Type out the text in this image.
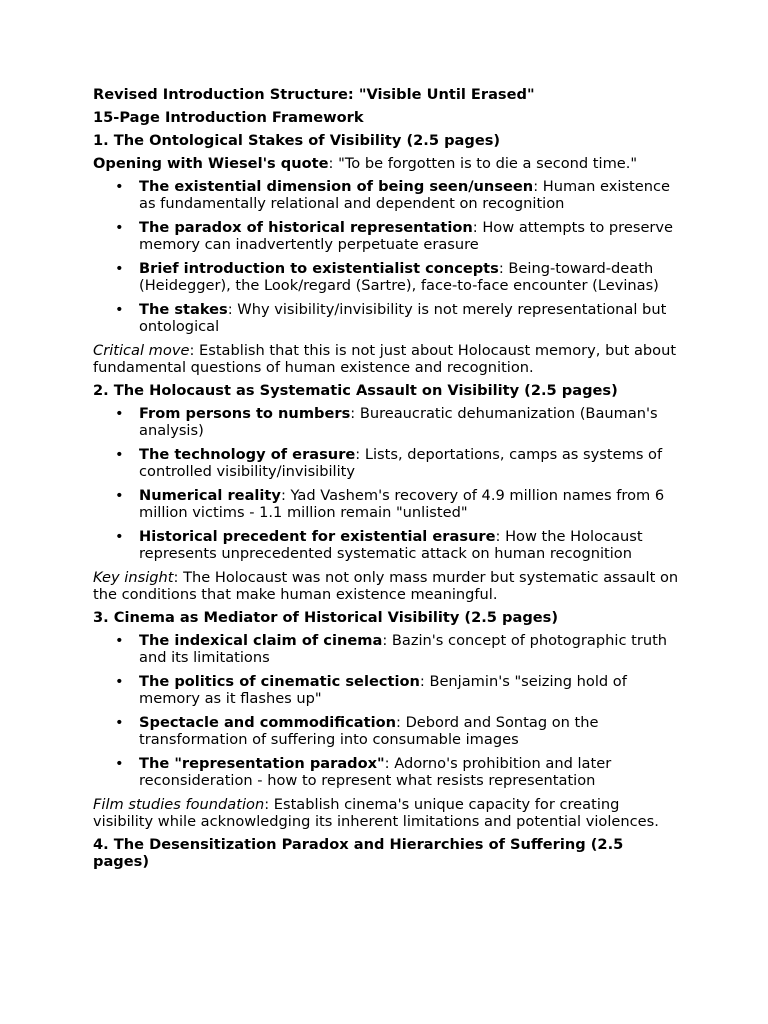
Revised Introduction Structure: "Visible Until Erased"
15-Page Introduction Framework
1. The Ontological Stakes of Visibility (2.5 pages)
Opening with Wiesel's quote: "To be forgotten is to die a second time."
• The existential dimension of being seen/unseen: Human existence as fundamentally relational and dependent on recognition
• The paradox of historical representation: How attempts to preserve memory can inadvertently perpetuate erasure
• Brief introduction to existentialist concepts: Being-toward-death (Heidegger), the Look/regard (Sartre), face-to-face encounter (Levinas)
• The stakes: Why visibility/invisibility is not merely representational but ontological
Critical move: Establish that this is not just about Holocaust memory, but about fundamental questions of human existence and recognition.
2. The Holocaust as Systematic Assault on Visibility (2.5 pages)
• From persons to numbers: Bureaucratic dehumanization (Bauman's analysis)
• The technology of erasure: Lists, deportations, camps as systems of controlled visibility/invisibility
• Numerical reality: Yad Vashem's recovery of 4.9 million names from 6 million victims - 1.1 million remain "unlisted"
• Historical precedent for existential erasure: How the Holocaust represents unprecedented systematic attack on human recognition
Key insight: The Holocaust was not only mass murder but systematic assault on the conditions that make human existence meaningful.
3. Cinema as Mediator of Historical Visibility (2.5 pages)
• The indexical claim of cinema: Bazin's concept of photographic truth and its limitations
• The politics of cinematic selection: Benjamin's "seizing hold of memory as it flashes up"
• Spectacle and commodification: Debord and Sontag on the transformation of suffering into consumable images
• The "representation paradox": Adorno's prohibition and later reconsideration - how to represent what resists representation
Film studies foundation: Establish cinema's unique capacity for creating visibility while acknowledging its inherent limitations and potential violences.
4. The Desensitization Paradox and Hierarchies of Suffering (2.5 pages)
